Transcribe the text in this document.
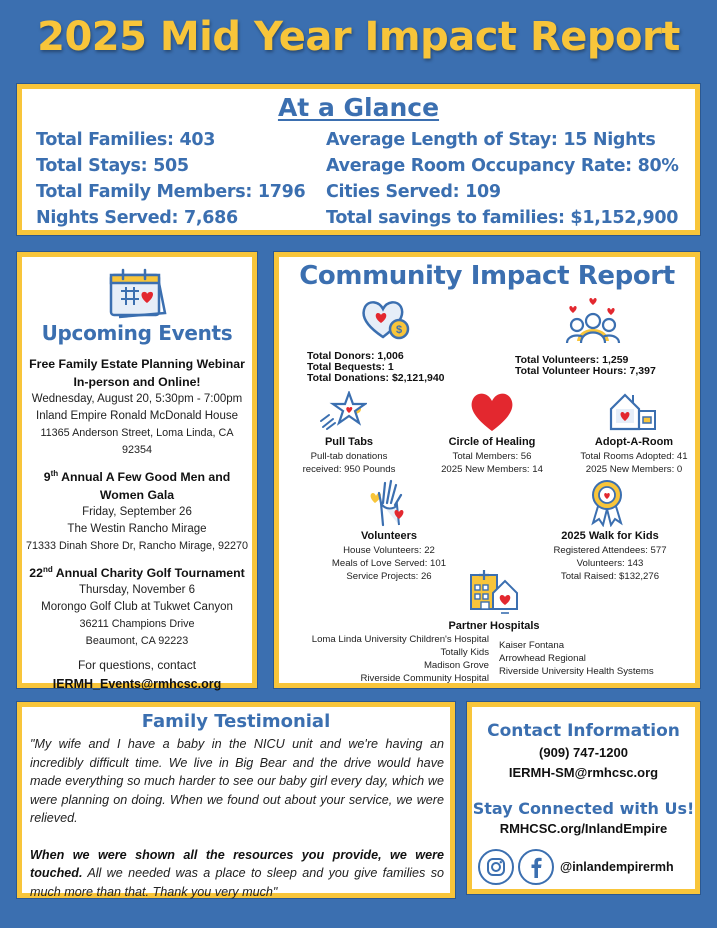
2025 Mid Year Impact Report
At a Glance
Total Families: 403
Total Stays: 505
Total Family Members: 1796
Nights Served: 7,686
Average Length of Stay: 15 Nights
Average Room Occupancy Rate: 80%
Cities Served: 109
Total savings to families: $1,152,900
Upcoming Events
Free Family Estate Planning Webinar
In-person and Online!
Wednesday, August 20, 5:30pm - 7:00pm
Inland Empire Ronald McDonald House
11365 Anderson Street, Loma Linda, CA
92354
9th Annual A Few Good Men and
Women Gala
Friday, September 26
The Westin Rancho Mirage
71333 Dinah Shore Dr, Rancho Mirage, 92270
22nd Annual Charity Golf Tournament
Thursday, November 6
Morongo Golf Club at Tukwet Canyon
36211 Champions Drive
Beaumont, CA 92223
For questions, contact
IERMH_Events@rmhcsc.org
Community Impact Report
$
Total Donors: 1,006
Total Bequests: 1
Total Donations: $2,121,940
Total Volunteers: 1,259
Total Volunteer Hours: 7,397
Pull Tabs
Pull-tab donations
received: 950 Pounds
Circle of Healing
Total Members: 56
2025 New Members: 14
Adopt-A-Room
Total Rooms Adopted: 41
2025 New Members: 0
Volunteers
House Volunteers: 22
Meals of Love Served: 101
Service Projects: 26
2025 Walk for Kids
Registered Attendees: 577
Volunteers: 143
Total Raised: $132,276
Partner Hospitals
Loma Linda University Children's Hospital
Totally Kids
Madison Grove
Riverside Community Hospital
Kaiser Fontana
Arrowhead Regional
Riverside University Health Systems
Family Testimonial
"My wife and I have a baby in the NICU unit and we're having an incredibly difficult time. We live in Big Bear and the drive would have made everything so much harder to see our baby girl every day, which we were planning on doing. When we found out about your service, we were relieved.
When we were shown all the resources you provide, we were touched. All we needed was a place to sleep and you give families so much more than that. Thank you very much"
Contact Information
(909) 747-1200
IERMH-SM@rmhcsc.org
Stay Connected with Us!
RMHCSC.org/InlandEmpire
@inlandempirermh
